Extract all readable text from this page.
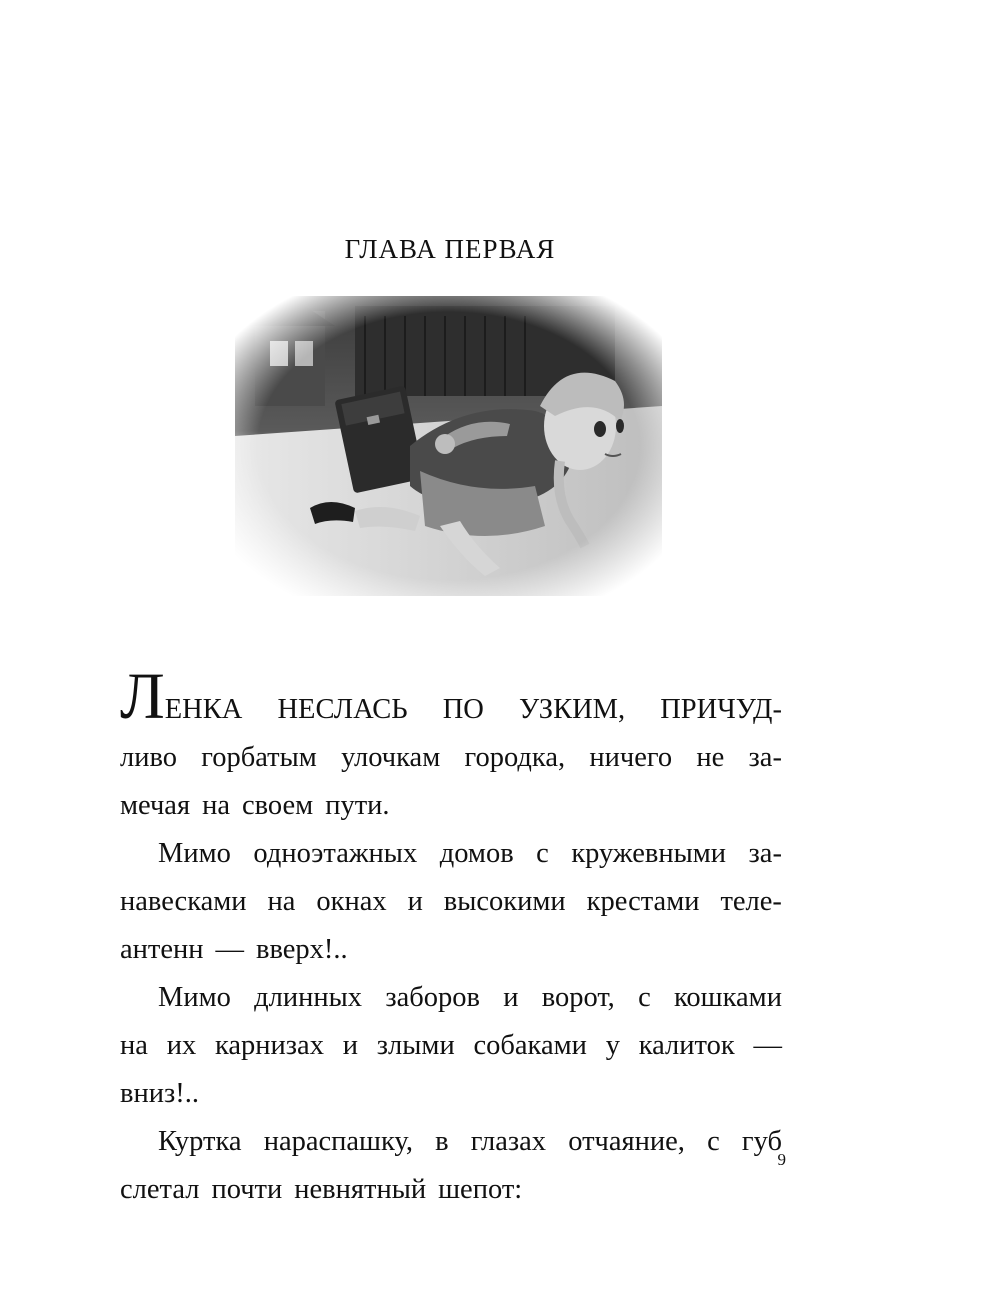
ГЛАВА ПЕРВАЯ
ЛЕНКА НЕСЛАСЬ ПО УЗКИМ, ПРИЧУД-
ливо горбатым улочкам городка, ничего не за-
мечая на своем пути.
Мимо одноэтажных домов с кружевными за-
навесками на окнах и высокими крестами теле-
антенн — вверх!..
Мимо длинных заборов и ворот, с кошками
на их карнизах и злыми собаками у калиток —
вниз!..
Куртка нараспашку, в глазах отчаяние, с губ
слетал почти невнятный шепот:
9
